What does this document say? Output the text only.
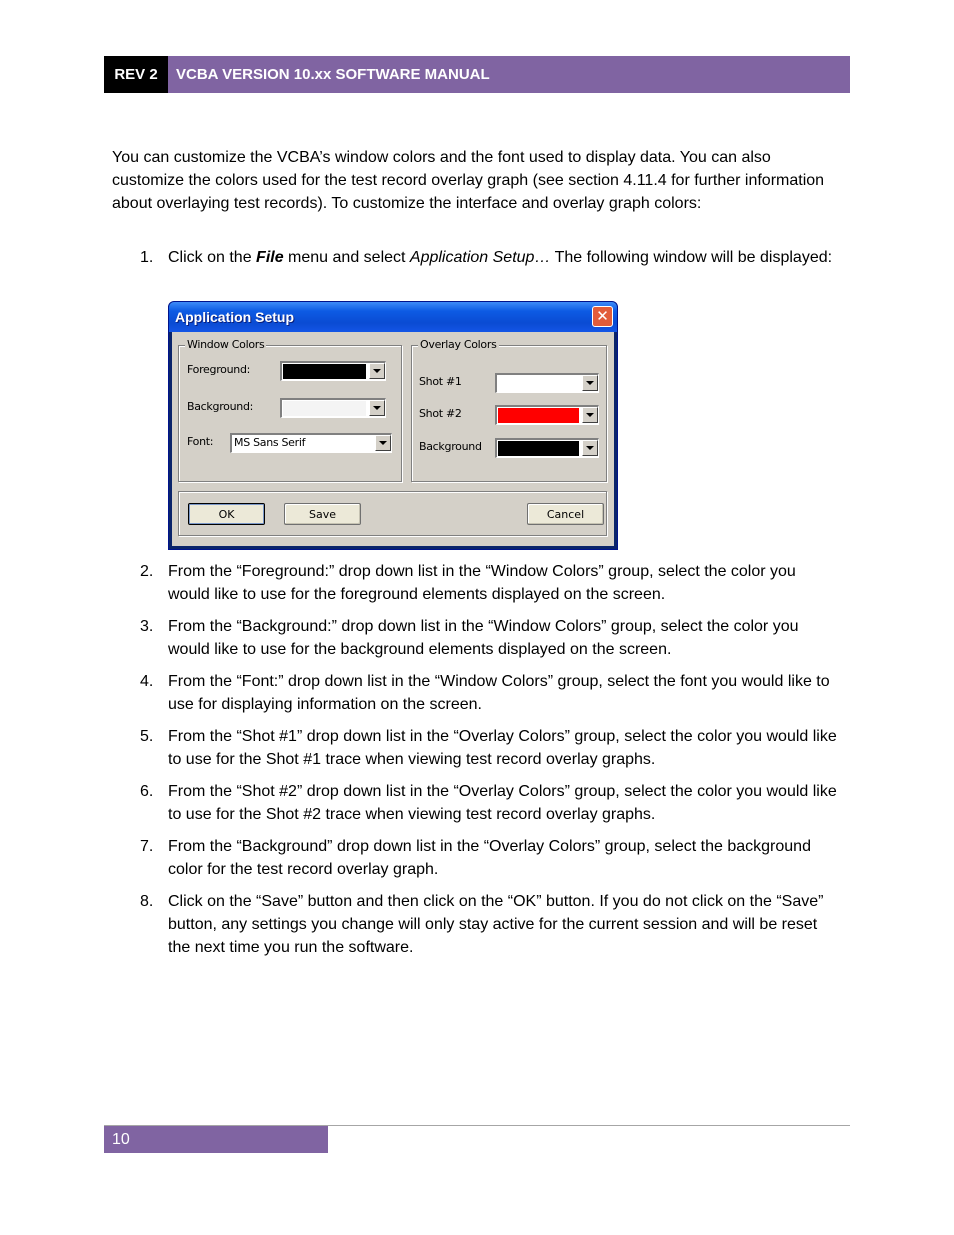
REV 2	VCBA VERSION 10.xx SOFTWARE MANUAL
You can customize the VCBA’s window colors and the font used to display data. You can also customize the colors used for the test record overlay graph (see section 4.11.4 for further information about overlaying test records). To customize the interface and overlay graph colors:
1. Click on the File menu and select Application Setup… The following window will be displayed:
Application Setup	✕
Window Colors
Foreground:
Background:
Font: MS Sans Serif
Overlay Colors
Shot #1
Shot #2
Background
OK	Save	Cancel
2. From the “Foreground:” drop down list in the “Window Colors” group, select the color you would like to use for the foreground elements displayed on the screen.
3. From the “Background:” drop down list in the “Window Colors” group, select the color you would like to use for the background elements displayed on the screen.
4. From the “Font:” drop down list in the “Window Colors” group, select the font you would like to use for displaying information on the screen.
5. From the “Shot #1” drop down list in the “Overlay Colors” group, select the color you would like to use for the Shot #1 trace when viewing test record overlay graphs.
6. From the “Shot #2” drop down list in the “Overlay Colors” group, select the color you would like to use for the Shot #2 trace when viewing test record overlay graphs.
7. From the “Background” drop down list in the “Overlay Colors” group, select the background color for the test record overlay graph.
8. Click on the “Save” button and then click on the “OK” button. If you do not click on the “Save” button, any settings you change will only stay active for the current session and will be reset the next time you run the software.
10
